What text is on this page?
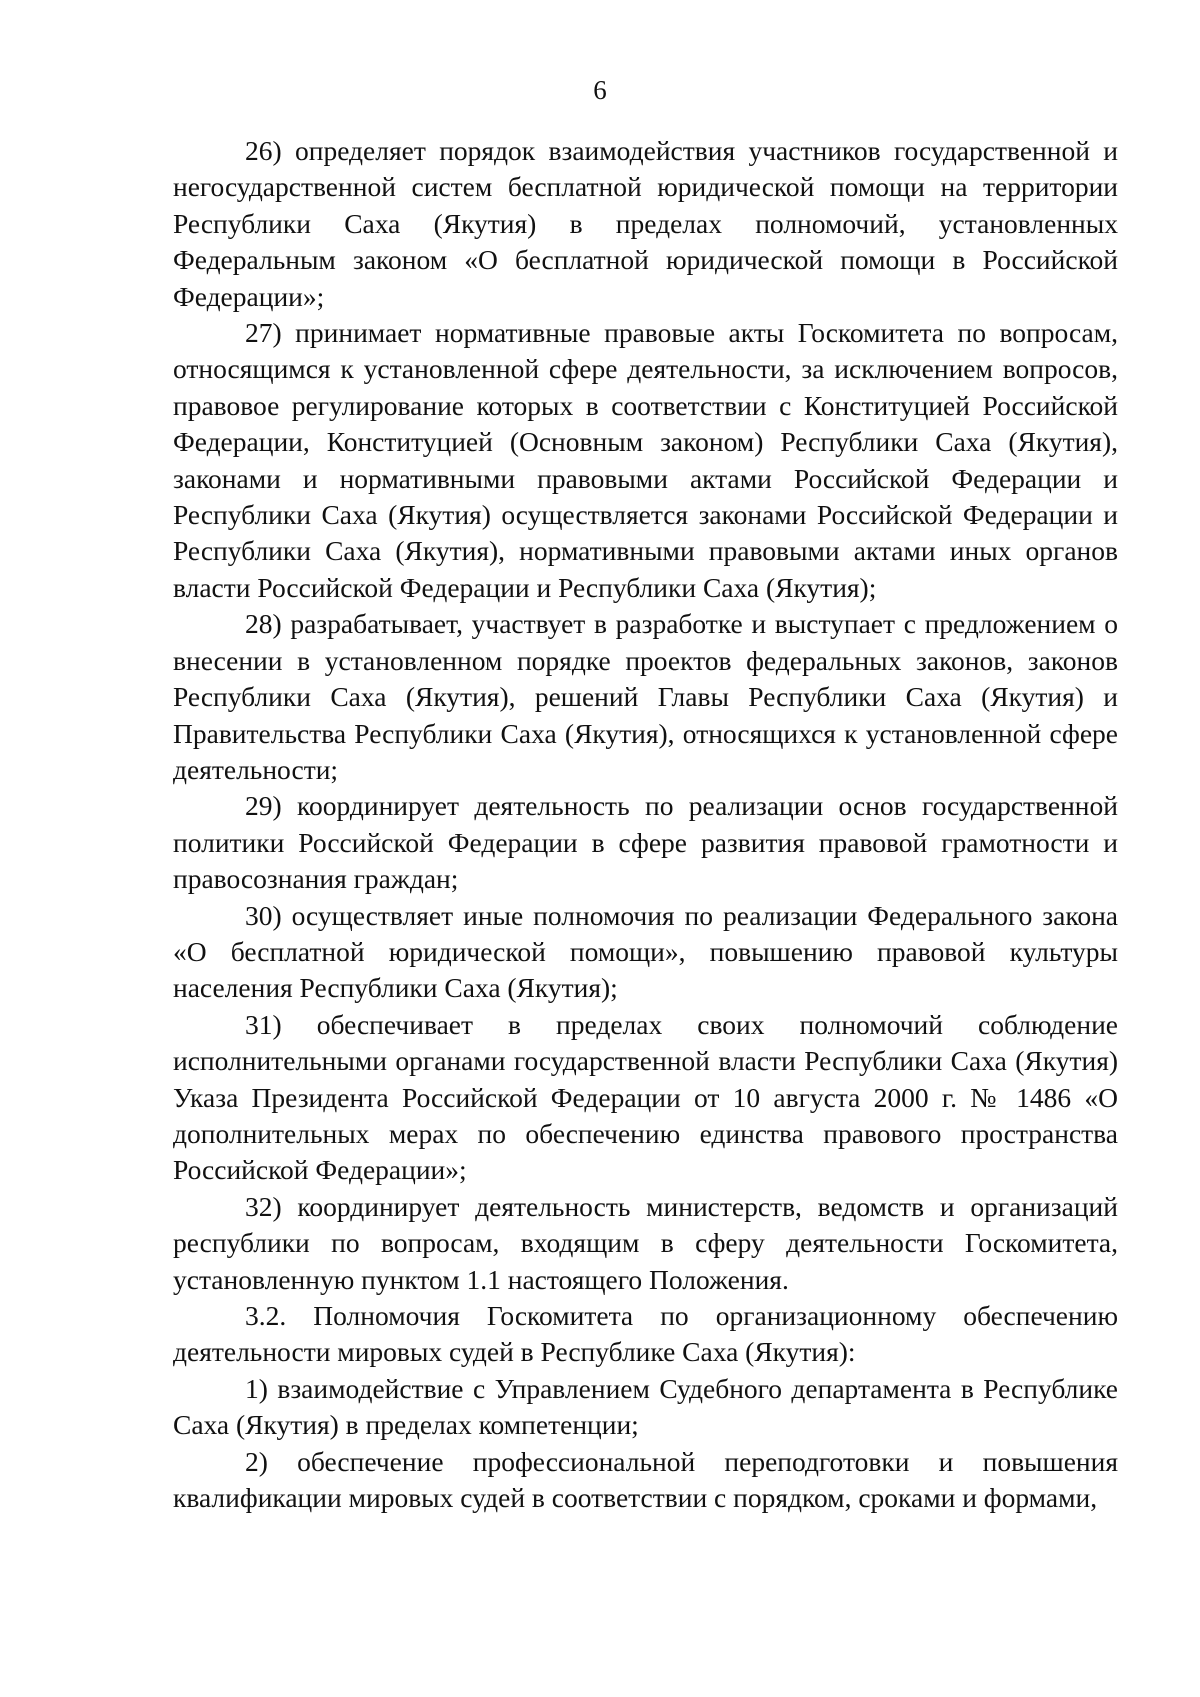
6

26) определяет порядок взаимодействия участников государственной и негосударственной систем бесплатной юридической помощи на территории Республики Саха (Якутия) в пределах полномочий, установленных Федеральным законом «О бесплатной юридической помощи в Российской Федерации»;

27) принимает нормативные правовые акты Госкомитета по вопросам, относящимся к установленной сфере деятельности, за исключением вопросов, правовое регулирование которых в соответствии с Конституцией Российской Федерации, Конституцией (Основным законом) Республики Саха (Якутия), законами и нормативными правовыми актами Российской Федерации и Республики Саха (Якутия) осуществляется законами Российской Федерации и Республики Саха (Якутия), нормативными правовыми актами иных органов власти Российской Федерации и Республики Саха (Якутия);

28) разрабатывает, участвует в разработке и выступает с предложением о внесении в установленном порядке проектов федеральных законов, законов Республики Саха (Якутия), решений Главы Республики Саха (Якутия) и Правительства Республики Саха (Якутия), относящихся к установленной сфере деятельности;

29) координирует деятельность по реализации основ государственной политики Российской Федерации в сфере развития правовой грамотности и правосознания граждан;

30) осуществляет иные полномочия по реализации Федерального закона «О бесплатной юридической помощи», повышению правовой культуры населения Республики Саха (Якутия);

31) обеспечивает в пределах своих полномочий соблюдение исполнительными органами государственной власти Республики Саха (Якутия) Указа Президента Российской Федерации от 10 августа 2000 г. № 1486 «О дополнительных мерах по обеспечению единства правового пространства Российской Федерации»;

32) координирует деятельность министерств, ведомств и организаций республики по вопросам, входящим в сферу деятельности Госкомитета, установленную пунктом 1.1 настоящего Положения.

3.2. Полномочия Госкомитета по организационному обеспечению деятельности мировых судей в Республике Саха (Якутия):

1) взаимодействие с Управлением Судебного департамента в Республике Саха (Якутия) в пределах компетенции;

2) обеспечение профессиональной переподготовки и повышения квалификации мировых судей в соответствии с порядком, сроками и формами,
